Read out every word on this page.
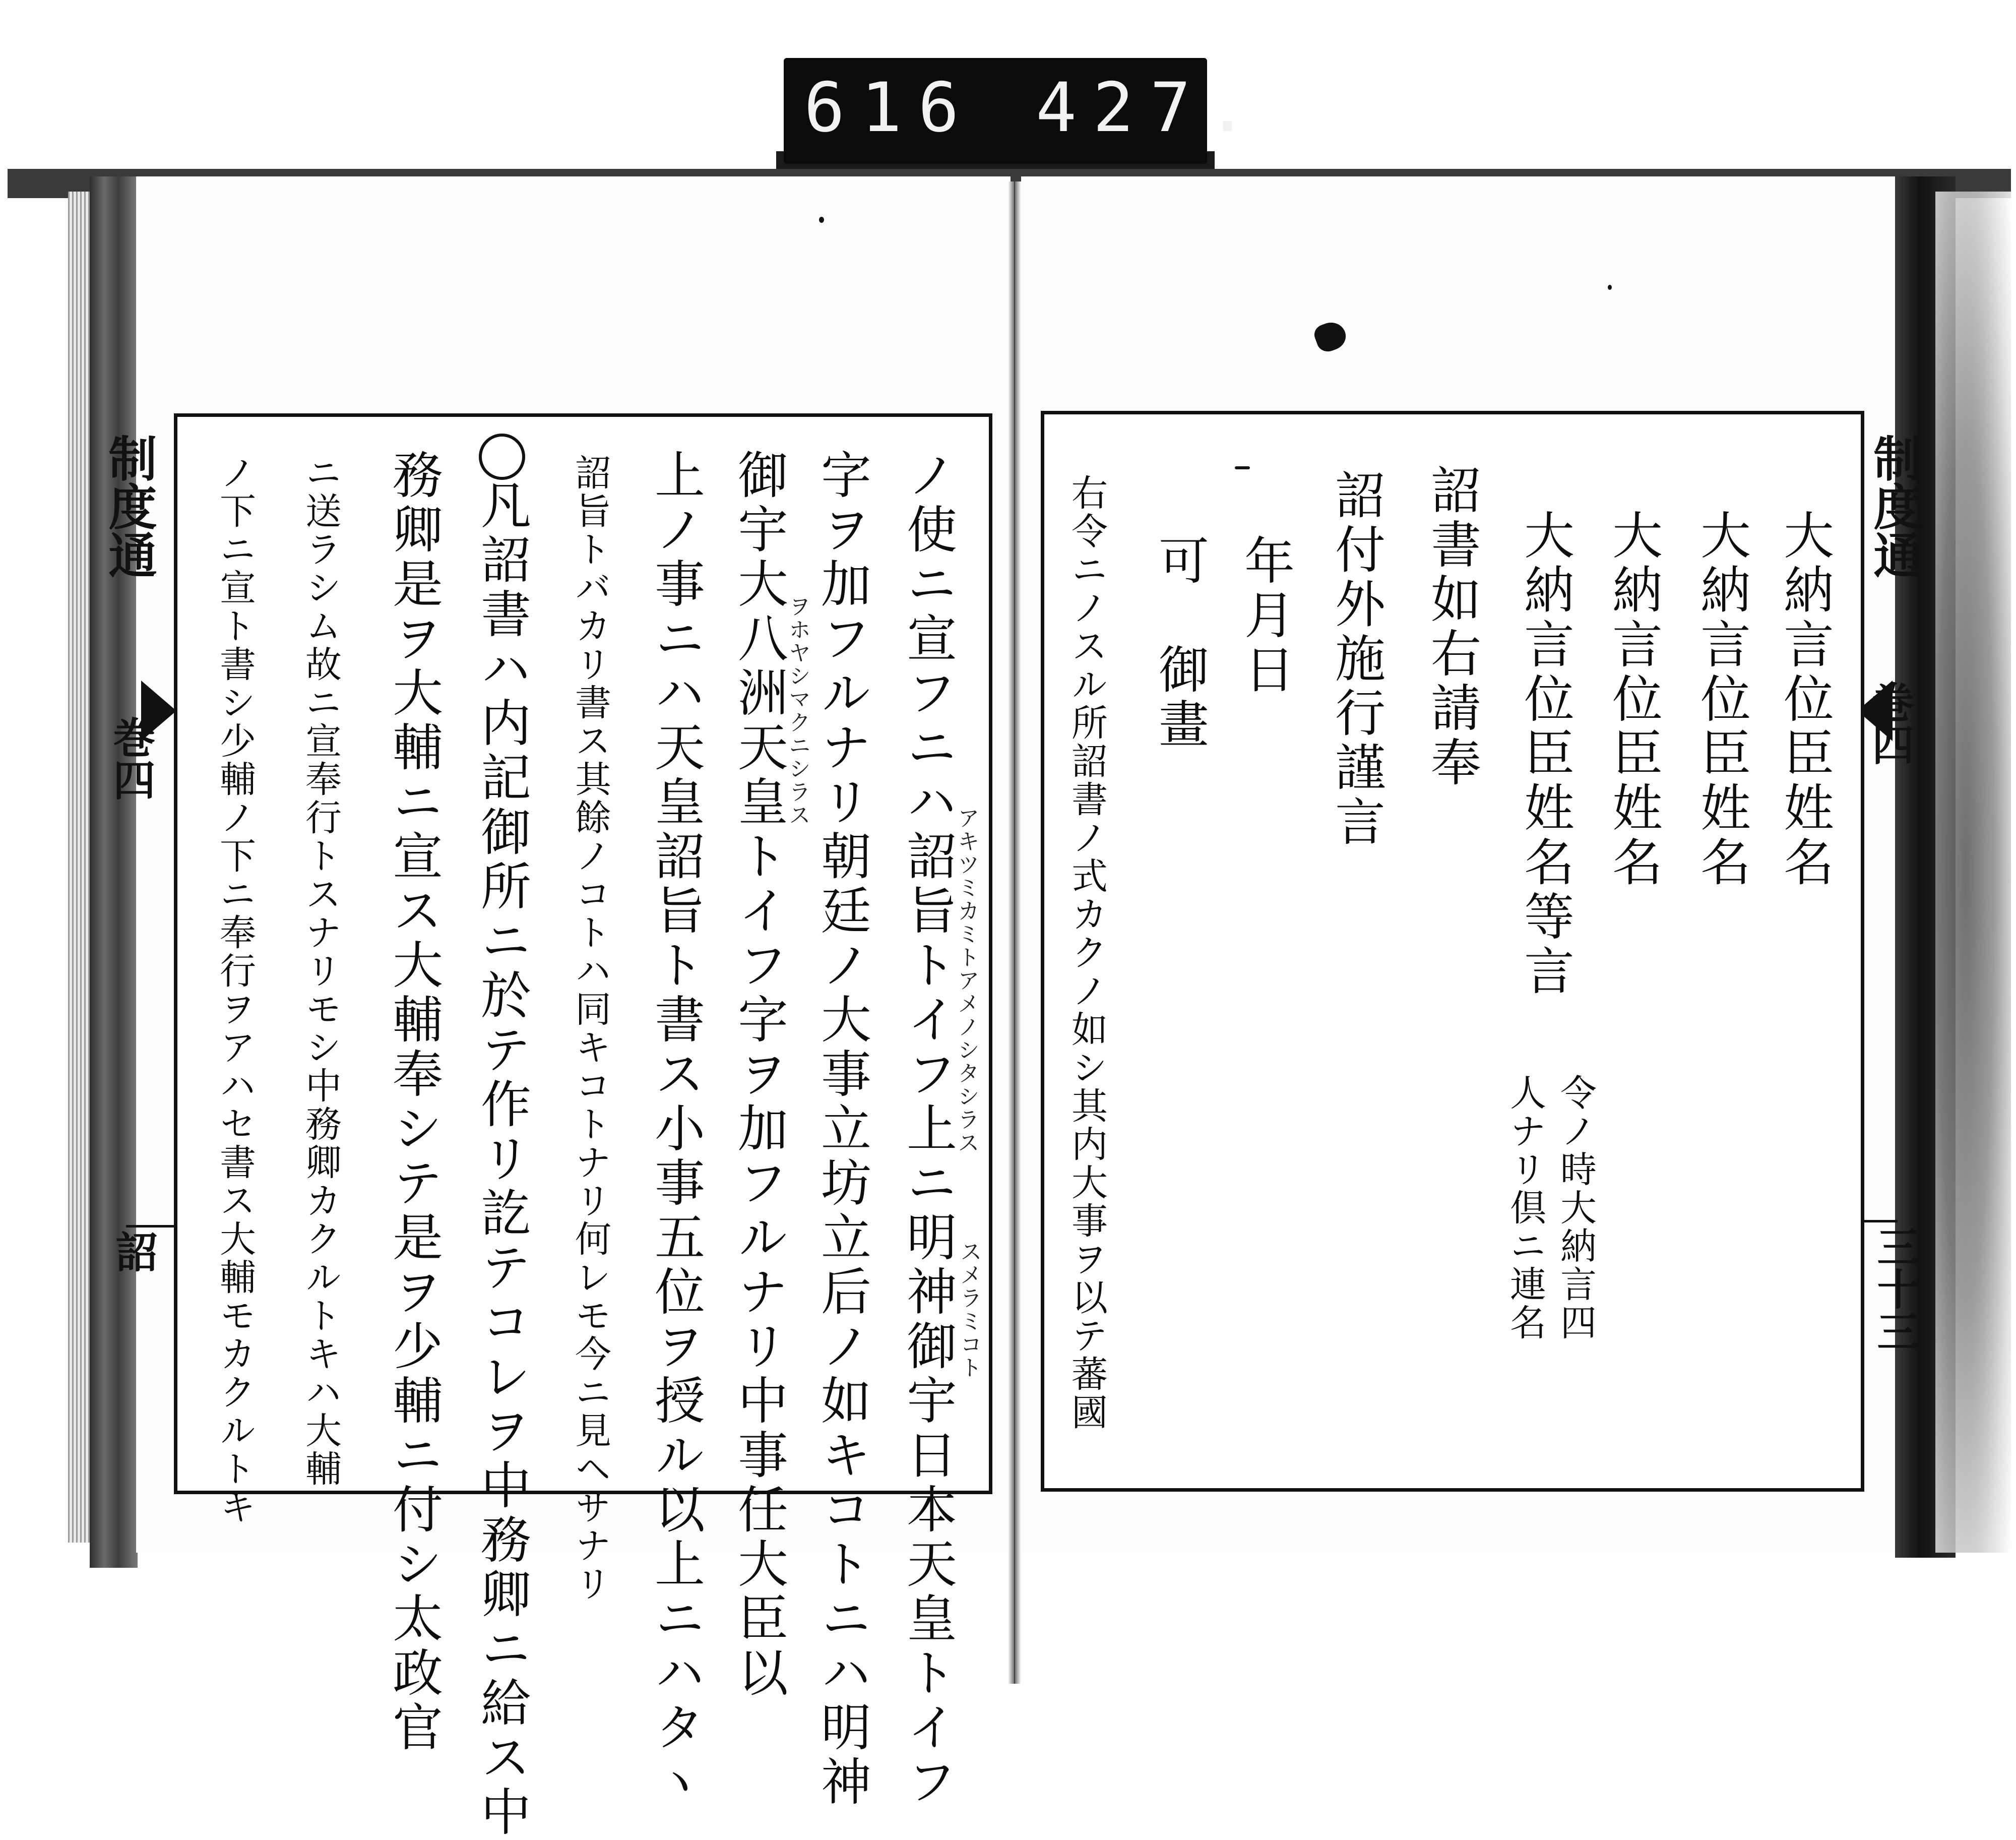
616 427.
制度通
巻四
詔
制度通
巻四
三十三
ノ使ニ宣フニハ詔旨トイフ上ニ明神御宇日本天皇トイフ
字ヲ加フルナリ朝廷ノ大事立坊立后ノ如キコトニハ明神
御宇大八洲天皇トイフ字ヲ加フルナリ中事任大臣以
上ノ事ニハ天皇詔旨ト書ス小事五位ヲ授ル以上ニハタヽ
詔旨トバカリ書ス其餘ノコトハ同キコトナリ何レモ今ニ見ヘサナリ
凡詔書ハ内記御所ニ於テ作リ訖テコレヲ中務卿ニ給ス中
務卿是ヲ大輔ニ宣ス大輔奉シテ是ヲ少輔ニ付シ太政官
ニ送ラシム故ニ宣奉行トスナリモシ中務卿カクルトキハ大輔
ノ下ニ宣ト書シ少輔ノ下ニ奉行ヲアハセ書ス大輔モカクルトキ	アキツミカミトアメノシタシラス
スメラミコト
ヲホヤシマクニシラス	大納言位臣姓名
大納言位臣姓名
大納言位臣姓名
大納言位臣姓名等言
詔書如右請奉
詔付外施行謹言
年月日
可　御畫
右令ニノスル所詔書ノ式カクノ如シ其内大事ヲ以テ蕃國	令ノ時大納言四
人ナリ倶ニ連名
